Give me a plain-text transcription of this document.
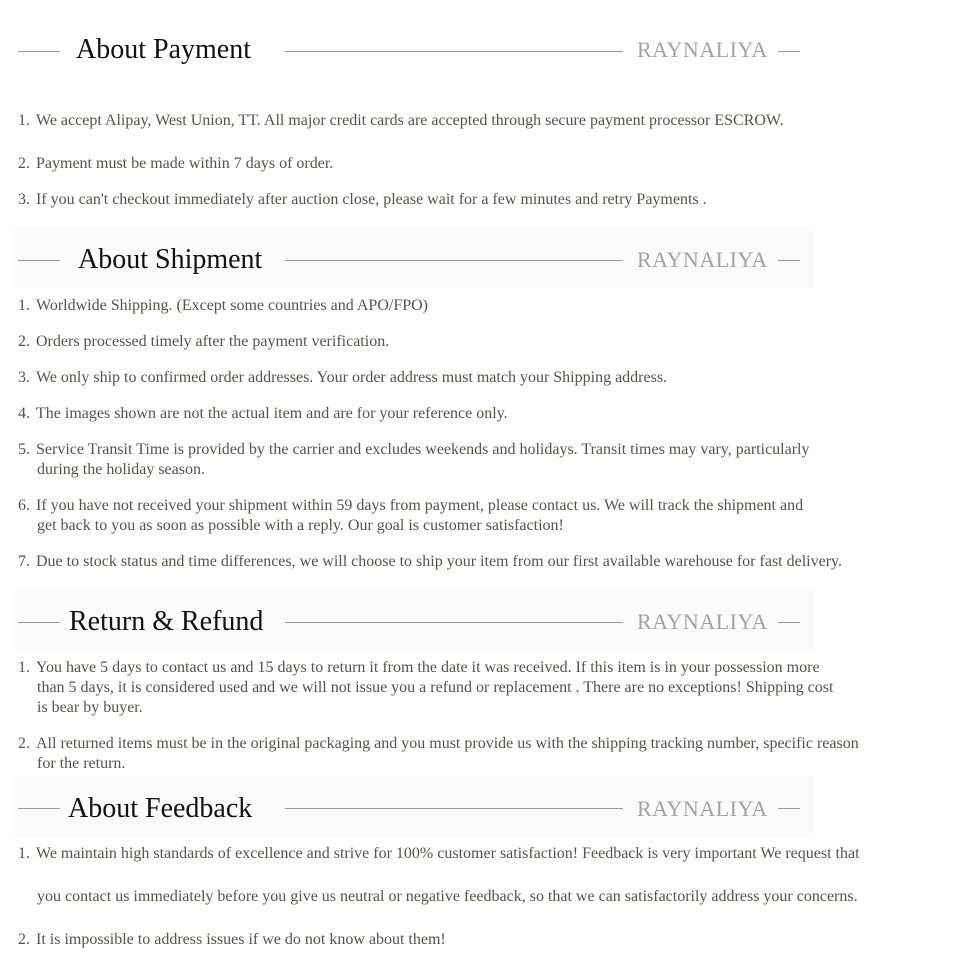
About Payment	RAYNALIYA
1. We accept Alipay, West Union, TT. All major credit cards are accepted through secure payment processor ESCROW.
2. Payment must be made within 7 days of order.
3. If you can't checkout immediately after auction close, please wait for a few minutes and retry Payments .
About Shipment	RAYNALIYA
1. Worldwide Shipping. (Except some countries and APO/FPO)
2. Orders processed timely after the payment verification.
3. We only ship to confirmed order addresses. Your order address must match your Shipping address.
4. The images shown are not the actual item and are for your reference only.
5. Service Transit Time is provided by the carrier and excludes weekends and holidays. Transit times may vary, particularly
during the holiday season.
6. If you have not received your shipment within 59 days from payment, please contact us. We will track the shipment and
get back to you as soon as possible with a reply. Our goal is customer satisfaction!
7. Due to stock status and time differences, we will choose to ship your item from our first available warehouse for fast delivery.
Return & Refund	RAYNALIYA
1. You have 5 days to contact us and 15 days to return it from the date it was received. If this item is in your possession more
than 5 days, it is considered used and we will not issue you a refund or replacement . There are no exceptions! Shipping cost
is bear by buyer.
2. All returned items must be in the original packaging and you must provide us with the shipping tracking number, specific reason
for the return.
About Feedback	RAYNALIYA
1. We maintain high standards of excellence and strive for 100% customer satisfaction! Feedback is very important We request that
you contact us immediately before you give us neutral or negative feedback, so that we can satisfactorily address your concerns.
2. It is impossible to address issues if we do not know about them!
